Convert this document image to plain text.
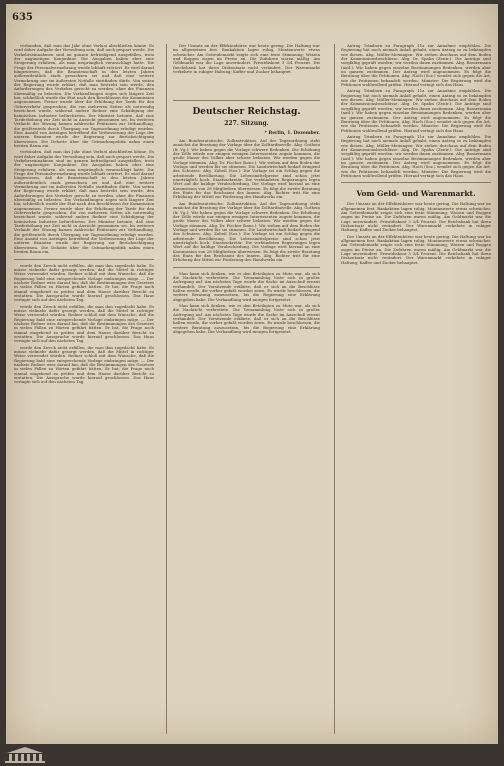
635

verbunden, daß man das Jahr ohne Verlust abschließen könne. Es wird daher Aufgabe der Verwaltung sein, daß auch gespart werde. Die Verkehrseinnahmen sind im ganzen befriedigend ausgefallen, trotz der ungünstigen Konjunktur. Die Ausgaben haben eher eine Steigerung erfahren, als man ursprünglich veranschlagt hatte. Die Frage der Personalvermehrung wurde lebhaft erörtert. Es wird darauf hingewiesen, daß die Beamtenschaft in den letzten Jahren außerordentlich stark gewachsen sei und daß eine weitere Vermehrung nur im äußersten Notfalle stattfinden dürfe. Von seiten der Regierung wurde erklärt, daß man bestrebt sein werde, den Anforderungen des Verkehrs gerecht zu werden, ohne die Finanzen übermäßig zu belasten. Die Verhandlungen zogen sich längere Zeit hin; schließlich wurde der Etat nach den Beschlüssen der Kommission angenommen. Ferner wurde über die Erhöhung der Tarife für den Güterverkehr gesprochen, die von mehreren Seiten als notwendig bezeichnet wurde, während andere Redner eine Schädigung der heimischen Industrie befürchteten. Der Minister betonte, daß eine Tariferhöhung zur Zeit nicht in Aussicht genommen sei. Im weiteren Verlaufe der Sitzung kamen zahlreiche Petitionen zur Verhandlung, die größtenteils durch Übergang zur Tagesordnung erledigt wurden. Eine Anzahl von Anträgen betreffend die Verbesserung der Lage der unteren Beamten wurde der Regierung zur Berücksichtigung überwiesen. Die Debatte über die Ostmarkenpolitik nahm einen breiten Raum ein.

verbunden, daß man das Jahr ohne Verlust abschließen könne. Es wird daher Aufgabe der Verwaltung sein, daß auch gespart werde. Die Verkehrseinnahmen sind im ganzen befriedigend ausgefallen, trotz der ungünstigen Konjunktur. Die Ausgaben haben eher eine Steigerung erfahren, als man ursprünglich veranschlagt hatte. Die Frage der Personalvermehrung wurde lebhaft erörtert. Es wird darauf hingewiesen, daß die Beamtenschaft in den letzten Jahren außerordentlich stark gewachsen sei und daß eine weitere Vermehrung nur im äußersten Notfalle stattfinden dürfe. Von seiten der Regierung wurde erklärt, daß man bestrebt sein werde, den Anforderungen des Verkehrs gerecht zu werden, ohne die Finanzen übermäßig zu belasten. Die Verhandlungen zogen sich längere Zeit hin; schließlich wurde der Etat nach den Beschlüssen der Kommission angenommen. Ferner wurde über die Erhöhung der Tarife für den Güterverkehr gesprochen, die von mehreren Seiten als notwendig bezeichnet wurde, während andere Redner eine Schädigung der heimischen Industrie befürchteten. Der Minister betonte, daß eine Tariferhöhung zur Zeit nicht in Aussicht genommen sei. Im weiteren Verlaufe der Sitzung kamen zahlreiche Petitionen zur Verhandlung, die größtenteils durch Übergang zur Tagesordnung erledigt wurden. Eine Anzahl von Anträgen betreffend die Verbesserung der Lage der unteren Beamten wurde der Regierung zur Berücksichtigung überwiesen. Die Debatte über die Ostmarkenpolitik nahm einen breiten Raum ein.

werde den Zweck nicht erfüllen, die man ihm zugedacht habe. Es müsse vielmehr dafür gesorgt werden, daß die Mittel in richtiger Weise verwendet würden. Redner schloß mit dem Wunsche, daß die Regierung bald eine entsprechende Vorlage einbringen möge. — Der nächste Redner wies darauf hin, daß die Bestimmungen des Gesetzes in vielen Fällen zu Härten geführt hätten. Er bat, die Frage noch einmal eingehend zu prüfen und dem Hause darüber Bericht zu erstatten. Die Aussprache wurde hierauf geschlossen. Das Haus vertagte sich auf den nächsten Tag.

werde den Zweck nicht erfüllen, die man ihm zugedacht habe. Es müsse vielmehr dafür gesorgt werden, daß die Mittel in richtiger Weise verwendet würden. Redner schloß mit dem Wunsche, daß die Regierung bald eine entsprechende Vorlage einbringen möge. — Der nächste Redner wies darauf hin, daß die Bestimmungen des Gesetzes in vielen Fällen zu Härten geführt hätten. Er bat, die Frage noch einmal eingehend zu prüfen und dem Hause darüber Bericht zu erstatten. Die Aussprache wurde hierauf geschlossen. Das Haus vertagte sich auf den nächsten Tag.

werde den Zweck nicht erfüllen, die man ihm zugedacht habe. Es müsse vielmehr dafür gesorgt werden, daß die Mittel in richtiger Weise verwendet würden. Redner schloß mit dem Wunsche, daß die Regierung bald eine entsprechende Vorlage einbringen möge. — Der nächste Redner wies darauf hin, daß die Bestimmungen des Gesetzes in vielen Fällen zu Härten geführt hätten. Er bat, die Frage noch einmal eingehend zu prüfen und dem Hause darüber Bericht zu erstatten. Die Aussprache wurde hierauf geschlossen. Das Haus vertagte sich auf den nächsten Tag.

Der Umsatz an der Effektenbörse war heute gering. Die Haltung war im allgemeinen fest. Bankaktien lagen ruhig, Montanwerte etwas schwächer. Am Getreidemarkt zeigte sich eine feste Stimmung; Weizen und Roggen zogen im Preise an. Die Zufuhren waren mäßig. Am Geldmarkt war die Lage unverändert. Privatdiskont 3 3/4 Prozent. Die Reichsbank hat ihren Diskontsatz nicht verändert. Der Warenmarkt verkehrte in ruhiger Haltung; Kaffee und Zucker behauptet.

Deutscher Reichstag.
227. Sitzung.
* Berlin, 1. Dezember.

Am Bundesratstische: Zollinstruktion. Auf der Tagesordnung steht zunächst die Beratung der Vorlage über die Zolltarifnovelle. Abg. Gothein (fr. Vg.): Wir haben gegen die Vorlage schwere Bedenken. Die Erhöhung der Zölle würde nur einigen wenigen Interessenten zugute kommen, die große Masse des Volkes aber schwer belasten. Wir werden gegen die Vorlage stimmen. Abg. Dr. Fischer (kons.): Wir stehen auf dem Boden der Vorlage und werden für sie stimmen. Die Landwirtschaft bedarf dringend des Schutzes. Abg. Zubeil (Soz.): Die Vorlage ist ein Schlag gegen die arbeitende Bevölkerung. Die Lebensmittelpreise sind schon jetzt unerträglich hoch. Staatssekretär: Die verbündeten Regierungen legen Wert auf die baldige Verabschiedung. Die Vorlage wird hierauf an eine Kommission von 28 Mitgliedern überwiesen. Es folgt die zweite Beratung des Etats für das Reichsamt des Innern. Abg. Richter tritt für eine Erhöhung der Mittel zur Förderung des Handwerks ein.

Am Bundesratstische: Zollinstruktion. Auf der Tagesordnung steht zunächst die Beratung der Vorlage über die Zolltarifnovelle. Abg. Gothein (fr. Vg.): Wir haben gegen die Vorlage schwere Bedenken. Die Erhöhung der Zölle würde nur einigen wenigen Interessenten zugute kommen, die große Masse des Volkes aber schwer belasten. Wir werden gegen die Vorlage stimmen. Abg. Dr. Fischer (kons.): Wir stehen auf dem Boden der Vorlage und werden für sie stimmen. Die Landwirtschaft bedarf dringend des Schutzes. Abg. Zubeil (Soz.): Die Vorlage ist ein Schlag gegen die arbeitende Bevölkerung. Die Lebensmittelpreise sind schon jetzt unerträglich hoch. Staatssekretär: Die verbündeten Regierungen legen Wert auf die baldige Verabschiedung. Die Vorlage wird hierauf an eine Kommission von 28 Mitgliedern überwiesen. Es folgt die zweite Beratung des Etats für das Reichsamt des Innern. Abg. Richter tritt für eine Erhöhung der Mittel zur Förderung des Handwerks ein.

Man kann sich denken, wie es den Beteiligten zu Mute war, als sich die Nachricht verbreitete. Die Versammlung löste sich in großer Aufregung auf. Am nächsten Tage wurde die Sache im Ausschuß erneut verhandelt. Der Vorsitzende erklärte, daß er sich an die Beschlüsse halten werde, die vorher gefaßt worden seien. Es wurde beschlossen, die weitere Beratung auszusetzen, bis die Regierung eine Erklärung abgegeben habe. Die Verhandlung wird morgen fortgesetzt.

Man kann sich denken, wie es den Beteiligten zu Mute war, als sich die Nachricht verbreitete. Die Versammlung löste sich in großer Aufregung auf. Am nächsten Tage wurde die Sache im Ausschuß erneut verhandelt. Der Vorsitzende erklärte, daß er sich an die Beschlüsse halten werde, die vorher gefaßt worden seien. Es wurde beschlossen, die weitere Beratung auszusetzen, bis die Regierung eine Erklärung abgegeben habe. Die Verhandlung wird morgen fortgesetzt.

Antrag Trimborn zu Paragraph 11a zur Annahme empfohlen. Die Regierung hat noch niemals Anlaß gehabt, einen Antrag so zu bekämpfen wie diesen. Abg. Müller-Meiningen: Wir stehen durchaus auf dem Boden der Kommissionsbeschlüsse. Abg. Dr. Spahn (Zentr.): Die Anträge sind sorgfältig geprüft worden; wir werden ihnen zustimmen. Abg. Bassermann (natl.): Wir haben gegen einzelne Bestimmungen Bedenken, werden aber im ganzen zustimmen. Der Antrag wird angenommen. Es folgt die Beratung über die Petitionen. Abg. Hoch (Soz.) wendet sich gegen die Art, wie die Petitionen behandelt werden. Minister: Die Regierung wird die Petitionen wohlwollend prüfen. Hierauf vertagt sich das Haus.

Antrag Trimborn zu Paragraph 11a zur Annahme empfohlen. Die Regierung hat noch niemals Anlaß gehabt, einen Antrag so zu bekämpfen wie diesen. Abg. Müller-Meiningen: Wir stehen durchaus auf dem Boden der Kommissionsbeschlüsse. Abg. Dr. Spahn (Zentr.): Die Anträge sind sorgfältig geprüft worden; wir werden ihnen zustimmen. Abg. Bassermann (natl.): Wir haben gegen einzelne Bestimmungen Bedenken, werden aber im ganzen zustimmen. Der Antrag wird angenommen. Es folgt die Beratung über die Petitionen. Abg. Hoch (Soz.) wendet sich gegen die Art, wie die Petitionen behandelt werden. Minister: Die Regierung wird die Petitionen wohlwollend prüfen. Hierauf vertagt sich das Haus.

Antrag Trimborn zu Paragraph 11a zur Annahme empfohlen. Die Regierung hat noch niemals Anlaß gehabt, einen Antrag so zu bekämpfen wie diesen. Abg. Müller-Meiningen: Wir stehen durchaus auf dem Boden der Kommissionsbeschlüsse. Abg. Dr. Spahn (Zentr.): Die Anträge sind sorgfältig geprüft worden; wir werden ihnen zustimmen. Abg. Bassermann (natl.): Wir haben gegen einzelne Bestimmungen Bedenken, werden aber im ganzen zustimmen. Der Antrag wird angenommen. Es folgt die Beratung über die Petitionen. Abg. Hoch (Soz.) wendet sich gegen die Art, wie die Petitionen behandelt werden. Minister: Die Regierung wird die Petitionen wohlwollend prüfen. Hierauf vertagt sich das Haus.

Vom Geld- und Warenmarkt.

Der Umsatz an der Effektenbörse war heute gering. Die Haltung war im allgemeinen fest. Bankaktien lagen ruhig, Montanwerte etwas schwächer. Am Getreidemarkt zeigte sich eine feste Stimmung; Weizen und Roggen zogen im Preise an. Die Zufuhren waren mäßig. Am Geldmarkt war die Lage unverändert. Privatdiskont 3 3/4 Prozent. Die Reichsbank hat ihren Diskontsatz nicht verändert. Der Warenmarkt verkehrte in ruhiger Haltung; Kaffee und Zucker behauptet.

Der Umsatz an der Effektenbörse war heute gering. Die Haltung war im allgemeinen fest. Bankaktien lagen ruhig, Montanwerte etwas schwächer. Am Getreidemarkt zeigte sich eine feste Stimmung; Weizen und Roggen zogen im Preise an. Die Zufuhren waren mäßig. Am Geldmarkt war die Lage unverändert. Privatdiskont 3 3/4 Prozent. Die Reichsbank hat ihren Diskontsatz nicht verändert. Der Warenmarkt verkehrte in ruhiger Haltung; Kaffee und Zucker behauptet.
